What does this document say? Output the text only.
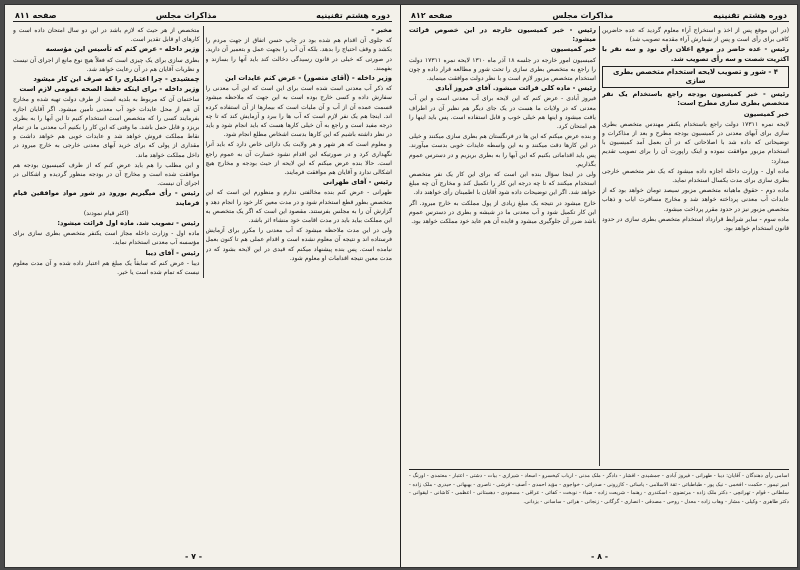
صفحه ۸۱۱	مذاکرات مجلس	دوره هشتم تقنینیه

متخصص از هر حیث که لازم باشد در این دو سال امتحان داده است و کارهای او قابل تقدیر است.

وزیر داخله - عرض کنم که تأسیس این مؤسسه

بطری سازی برای یک چیزی است که فعلاً هیچ نوع مانع از اجرای آن نیست و نظریات آقایان هم در آن رعایت خواهد شد.

چمشیدی - چرا اعتباری را که صرف این کار میشود

وزیر داخله - برای اینکه حفظ الصحه عمومی لازم است

ساختمان آن که مربوط به بلدیه است از طرف دولت تهیه شده و مخارج آن هم از محل عایدات خود آب معدنی تأمین میشود. اگر آقایان اجازه بفرمایند کسی را که متخصص است استخدام کنیم تا این آبها را به بطری بریزد و قابل حمل باشد. ما وقتی که این کار را بکنیم آب معدنی ما در تمام نقاط مملکت فروش خواهد شد و عایدات خوبی هم خواهد داشت و مقداری از پولی که برای خرید آبهای معدنی خارجی به خارج میرود در داخل مملکت خواهد ماند.

و این مطلب را هم باید عرض کنم که از طرف کمیسیون بودجه هم موافقت شده است و مخارج آن در بودجه منظور گردیده و اشکالی در اجرای آن نیست.

رئیس - رأی میگیریم بورود در شور مواد موافقین قیام فرمایند

(اکثر قیام نمودند)

رئیس - تصویب شد. ماده اول قرائت میشود:

ماده اول - وزارت داخله مجاز است یکنفر متخصص بطری سازی برای مؤسسه آب معدنی استخدام نماید.

رئیس - آقای دیبا

دیبا - عرض کنم که سابقاً یک مبلغ هم اعتبار داده شده و آن مدت معلوم نیست که تمام شده است یا خیر.

مخبر -

که جلوی آن اقدام هم شده بود در چاپ حسن اتفاق از جهت مردم را بکشد و وقف احتیاج را بدهد. بلکه آن آب را بجهت عمل و بتعمیر آن دارید. در صورتی که خیلی در قانون رسیدگی دخالت کند باید آنها را بسازند و بفهمند.

وزیر داخله - (آقای منصور) - عرض کنم عایدات این

که ذکر آب معدنی است شده است برای این است که این آب معدنی را سفارش داده و کسی خارج بوده است به این جهت که ملاحظه میشود قسمت عمده آن از آب و آن ملیات است که بیمارها از آن استفاده کرده اند. اینجا هم یک نفر لازم است که آب ها را ببرد و آزمایش کند که تا چه درجه مفید است و راجع به آن خیلی کارها هست که باید انجام شود و باید در نظر داشته باشیم که این کارها بدست اشخاص مطلع انجام شود.

و معلوم است که هر شهر و هر ولایت یک دارائی خاص دارد که باید آنرا نگهداری کرد و در صورتیکه این اقدام نشود خسارت آن به عموم راجع است. حالا بنده عرض میکنم که این لایحه از حیث بودجه و مخارج هیچ اشکالی ندارد و آقایان هم موافقت فرمایند.

رئیس - آقای طهرانی

طهرانی - عرض کنم بنده مخالفتی ندارم و منظورم این است که این متخصص بطور قطع استخدام شود و در مدت معین کار خود را انجام دهد و گزارش آن را به مجلس بفرستند. مقصود این است که اگر یک متخصص به این مملکت بیاید باید در مدت اقامت خود منشاء اثر باشد.

ولی در این مدت ملاحظه میشود که آب معدنی را مکرر برای آزمایش فرستاده اند و نتیجه آن معلوم نشده است و اقدام عملی هم تا کنون بعمل نیامده است. پس بنده پیشنهاد میکنم که قیدی در این لایحه بشود که در مدت معین نتیجه اقدامات او معلوم شود.

- ۷ -
صفحه ۸۱۲	مذاکرات مجلس	دوره هشتم تقنینیه

رئیس - خبر کمیسیون خارجه در این خصوص قرائت میشود:

خبر کمیسیون

کمیسیون امور خارجه در جلسه ۱۸ آذر ماه ۱۳۱۰ لایحه نمره ۱۷۳۱۱ دولت را راجع به متخصص بطری سازی را تحت شور و مطالعه قرار داده و چون استخدام متخصص مزبور لازم است و با نظر دولت موافقت مینماید.

رئیس - ماده کلی قرائت میشود. آقای فیروز آبادی

فیروز آبادی - عرض کنم که این لایحه برای آب معدنی است و این آب معدنی که در ولایات ما هست در یک جای دیگر هم نظیر آن در اطراف یافت میشود و اینها هم خیلی خوب و قابل استفاده است. پس باید اینها را هم امتحان کرد.

و بنده عرض میکنم که این ها در فرنگستان هم بطری سازی میکنند و خیلی در این کارها دقت میکنند و به این واسطه عایدات خوبی بدست میآورند. پس باید اقداماتی بکنیم که این آبها را به بطری بریزیم و در دسترس عموم بگذاریم.

ولی در اینجا سؤال بنده این است که برای این کار یک نفر متخصص استخدام میکنند که تا چه درجه این کار را تکمیل کند و مخارج آن چه مبلغ خواهد شد. اگر این توضیحات داده شود آقایان با اطمینان رأی خواهند داد.

خارج میشود در نتیجه یک مبلغ زیادی از پول مملکت به خارج میرود. اگر این کار تکمیل شود و آب معدنی ما در شیشه و بطری در دسترس عموم باشد ضرر آن جلوگیری میشود و فایده آن هم عاید خود مملکت خواهد بود.

(در این موقع پس از اخذ و استخراج آراء معلوم گردید که عده حاضرین کافی برای رأی است و پس از شمارش آراء مقدمه تصویب شد)

رئیس - عده حاضر در موقع اعلان رأی نود و سه نفر با اکثریت شصت و سه رأی تصویب شد.

۴ - شور و تصویب لایحه استخدام متخصص بطری سازی

رئیس - خبر کمیسیون بودجه راجع باستخدام یک نفر متخصص بطری سازی مطرح است:

خبر کمیسیون

لایحه نمره ۱۷۳۱۱ دولت راجع باستخدام یکنفر مهندس متخصص بطری سازی برای آبهای معدنی در کمیسیون بودجه مطرح و بعد از مذاکرات و توضیحاتی که داده شد با اصلاحاتی که در آن بعمل آمد کمیسیون با استخدام مزبور موافقت نموده و اینک راپورت آن را برای تصویب تقدیم میدارد:

ماده اول - وزارت داخله اجازه داده میشود که یک نفر متخصص خارجی بطری سازی برای مدت یکسال استخدام نماید.

ماده دوم - حقوق ماهیانه متخصص مزبور سیصد تومان خواهد بود که از عایدات آب معدنی پرداخته خواهد شد و مخارج مسافرت ایاب و ذهاب متخصص مزبور نیز در حدود مقرر پرداخت میشود.

ماده سوم - سایر شرایط قرارداد استخدام متخصص بطری سازی در حدود قانون استخدام خواهد بود.

اسامی رأی دهندگان - آقایان: دیبا - طهرانی - فیروز آبادی - جمشیدی - افشار - دادگر - ملک مدنی - ارباب کیخسرو - اسعاد - شیرازی - بیات - دشتی - اعتبار - معتمدی - اورنگ - امیر تیمور - حکمت - افخمی - نیک پور - طباطبائی - ثقة الاسلامی - یاسائی - کازرونی - صدرائی - خواجوی - مؤید احمدی - آصف - فرشی - ناصری - بهبهانی - حیدری - ملک زاده - سلطانی - قوام - تهرانچی - دکتر ملک زاده - مرتضوی - اسکندری - رهنما - شریعت زاده - ضیاء - نوبخت - کفائی - عراقی - مسعودی - دهستانی - اعظمی - کاشانی - لیقوانی - دکتر طاهری - وکیلی - مشار - وهاب زاده - معدل - روحی - مصدقی - انصاری - گرگانی - زنجانی - هراتی - ساسانی - یزدانی.
- ۸ -
